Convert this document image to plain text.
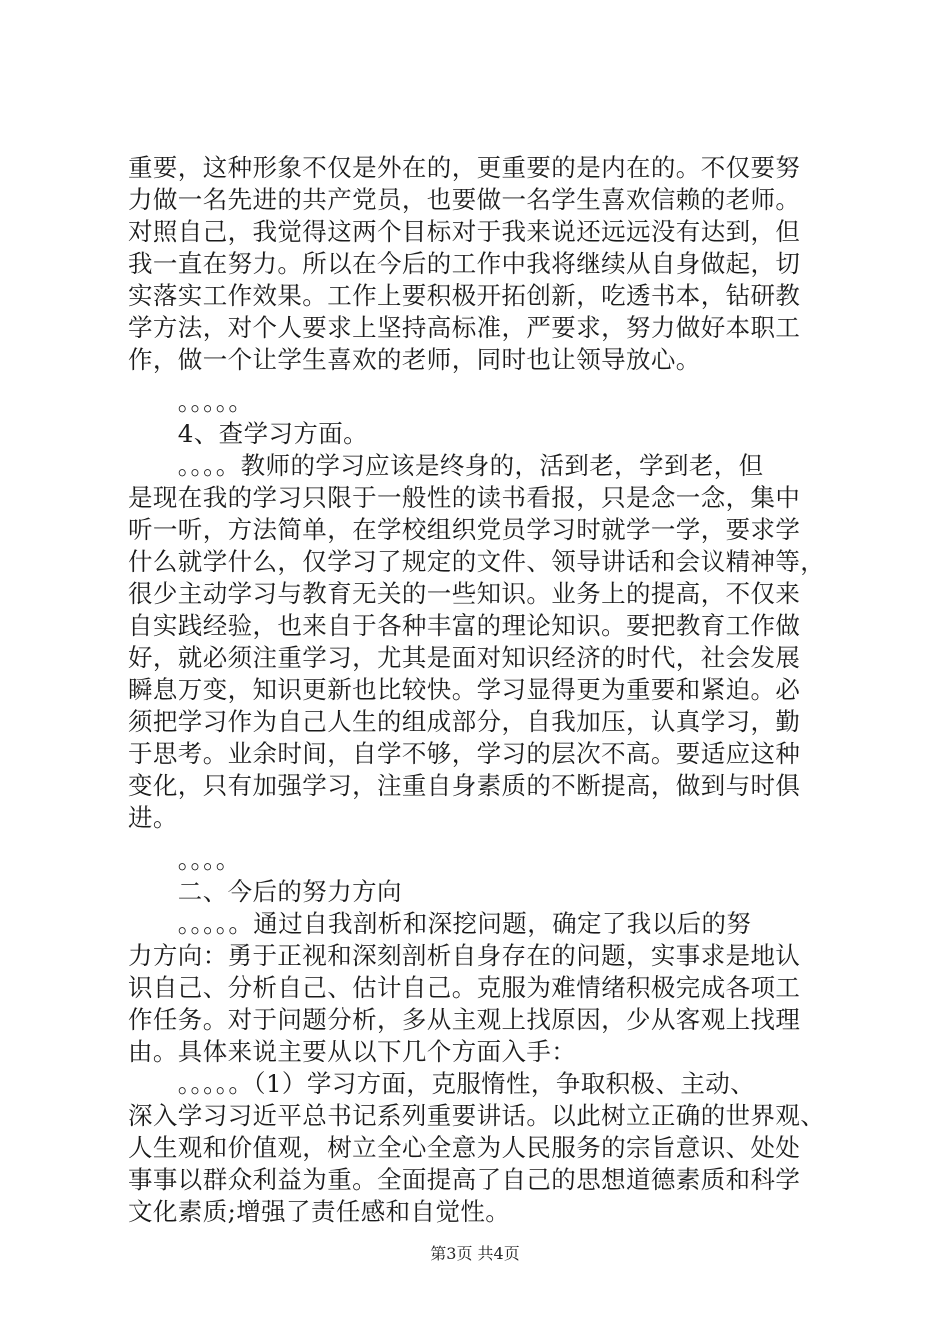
重要，这种形象不仅是外在的，更重要的是内在的。不仅要努
力做一名先进的共产党员，也要做一名学生喜欢信赖的老师。
对照自己，我觉得这两个目标对于我来说还远远没有达到，但
我一直在努力。所以在今后的工作中我将继续从自身做起，切
实落实工作效果。工作上要积极开拓创新，吃透书本，钻研教
学方法，对个人要求上坚持高标准，严要求，努力做好本职工
作，做一个让学生喜欢的老师，同时也让领导放心。
　　。。。。。
　　4、查学习方面。
　　。。。。教师的学习应该是终身的，活到老，学到老，但
是现在我的学习只限于一般性的读书看报，只是念一念，集中
听一听，方法简单，在学校组织党员学习时就学一学，要求学
什么就学什么，仅学习了规定的文件、领导讲话和会议精神等，
很少主动学习与教育无关的一些知识。业务上的提高，不仅来
自实践经验，也来自于各种丰富的理论知识。要把教育工作做
好，就必须注重学习，尤其是面对知识经济的时代，社会发展
瞬息万变，知识更新也比较快。学习显得更为重要和紧迫。必
须把学习作为自己人生的组成部分，自我加压，认真学习，勤
于思考。业余时间，自学不够，学习的层次不高。要适应这种
变化，只有加强学习，注重自身素质的不断提高，做到与时俱
进。
　　。。。。
　　二、今后的努力方向
　　。。。。。通过自我剖析和深挖问题，确定了我以后的努
力方向：勇于正视和深刻剖析自身存在的问题，实事求是地认
识自己、分析自己、估计自己。克服为难情绪积极完成各项工
作任务。对于问题分析，多从主观上找原因，少从客观上找理
由。具体来说主要从以下几个方面入手：
　　。。。。。（1）学习方面，克服惰性，争取积极、主动、
深入学习习近平总书记系列重要讲话。以此树立正确的世界观、
人生观和价值观，树立全心全意为人民服务的宗旨意识、处处
事事以群众利益为重。全面提高了自己的思想道德素质和科学
文化素质;增强了责任感和自觉性。
第3页 共4页
